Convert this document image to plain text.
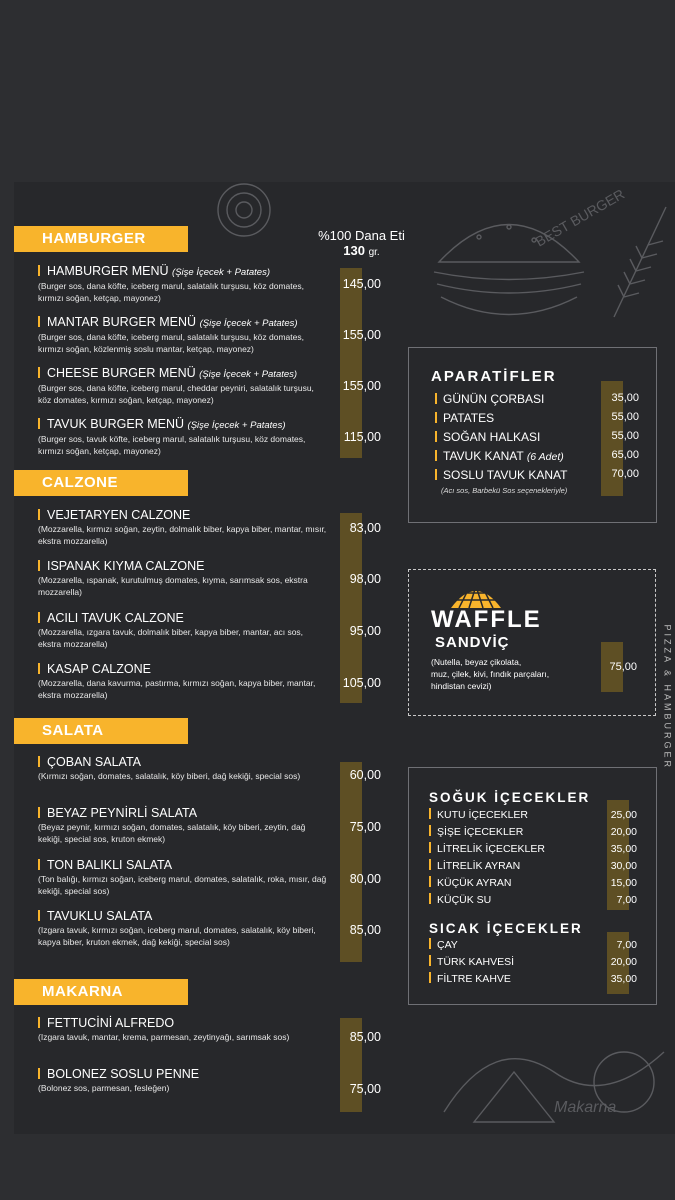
BEST BURGER
Makarna
%100 Dana Eti
130 gr.
HAMBURGER
CALZONE
SALATA
MAKARNA
HAMBURGER MENÜ (Şişe İçecek + Patates)
(Burger sos, dana köfte, iceberg marul, salatalık turşusu, köz domates, kırmızı soğan, ketçap, mayonez)
145,00
MANTAR BURGER MENÜ (Şişe İçecek + Patates)
(Burger sos, dana köfte, iceberg marul, salatalık turşusu, köz domates, kırmızı soğan, közlenmiş soslu mantar, ketçap, mayonez)
155,00
CHEESE BURGER MENÜ (Şişe İçecek + Patates)
(Burger sos, dana köfte, iceberg marul, cheddar peyniri, salatalık turşusu, köz domates, kırmızı soğan, ketçap, mayonez)
155,00
TAVUK BURGER MENÜ (Şişe İçecek + Patates)
(Burger sos, tavuk köfte, iceberg marul, salatalık turşusu, köz domates, kırmızı soğan, ketçap, mayonez)
115,00
VEJETARYEN CALZONE
(Mozzarella, kırmızı soğan, zeytin, dolmalık biber, kapya biber, mantar, mısır, ekstra mozzarella)
83,00
ISPANAK KIYMA CALZONE
(Mozzarella, ıspanak, kurutulmuş domates, kıyma, sarımsak sos, ekstra mozzarella)
98,00
ACILI TAVUK CALZONE
(Mozzarella, ızgara tavuk, dolmalık biber, kapya biber, mantar, acı sos, ekstra mozzarella)
95,00
KASAP CALZONE
(Mozzarella, dana kavurma, pastırma, kırmızı soğan, kapya biber, mantar, ekstra mozzarella)
105,00
ÇOBAN SALATA
(Kırmızı soğan, domates, salatalık, köy biberi, dağ kekiği, special sos)	60,00
BEYAZ PEYNİRLİ SALATA
(Beyaz peynir, kırmızı soğan, domates, salatalık, köy biberi, zeytin, dağ kekiği, special sos, kruton ekmek)
75,00
TON BALIKLI SALATA
(Ton balığı, kırmızı soğan, iceberg marul, domates, salatalık, roka, mısır, dağ kekiği, special sos)
80,00
TAVUKLU SALATA
(Izgara tavuk, kırmızı soğan, iceberg marul, domates, salatalık, köy biberi, kapya biber, kruton ekmek, dağ kekiği, special sos)
85,00
FETTUCİNİ ALFREDO
(Izgara tavuk, mantar, krema, parmesan, zeytinyağı, sarımsak sos)	85,00
BOLONEZ SOSLU PENNE
(Bolonez sos, parmesan, fesleğen)	75,00
APARATİFLER
GÜNÜN ÇORBASI	35,00
PATATES	55,00
SOĞAN HALKASI	55,00
TAVUK KANAT (6 Adet)	65,00
SOSLU TAVUK KANAT	70,00
(Acı sos, Barbekü Sos seçenekleriyle)
WAFFLE
SANDVİÇ
(Nutella, beyaz çikolata,
muz, çilek, kivi, fındık parçaları,
hindistan cevizi)
75,00
SOĞUK İÇECEKLER
KUTU İÇECEKLER	25,00
ŞİŞE İÇECEKLER	20,00
LİTRELİK İÇECEKLER	35,00
LİTRELİK AYRAN	30,00
KÜÇÜK AYRAN	15,00
KÜÇÜK SU	7,00
SICAK İÇECEKLER
ÇAY	7,00
TÜRK KAHVESİ	20,00
FİLTRE KAHVE	35,00
PIZZA & HAMBURGER
